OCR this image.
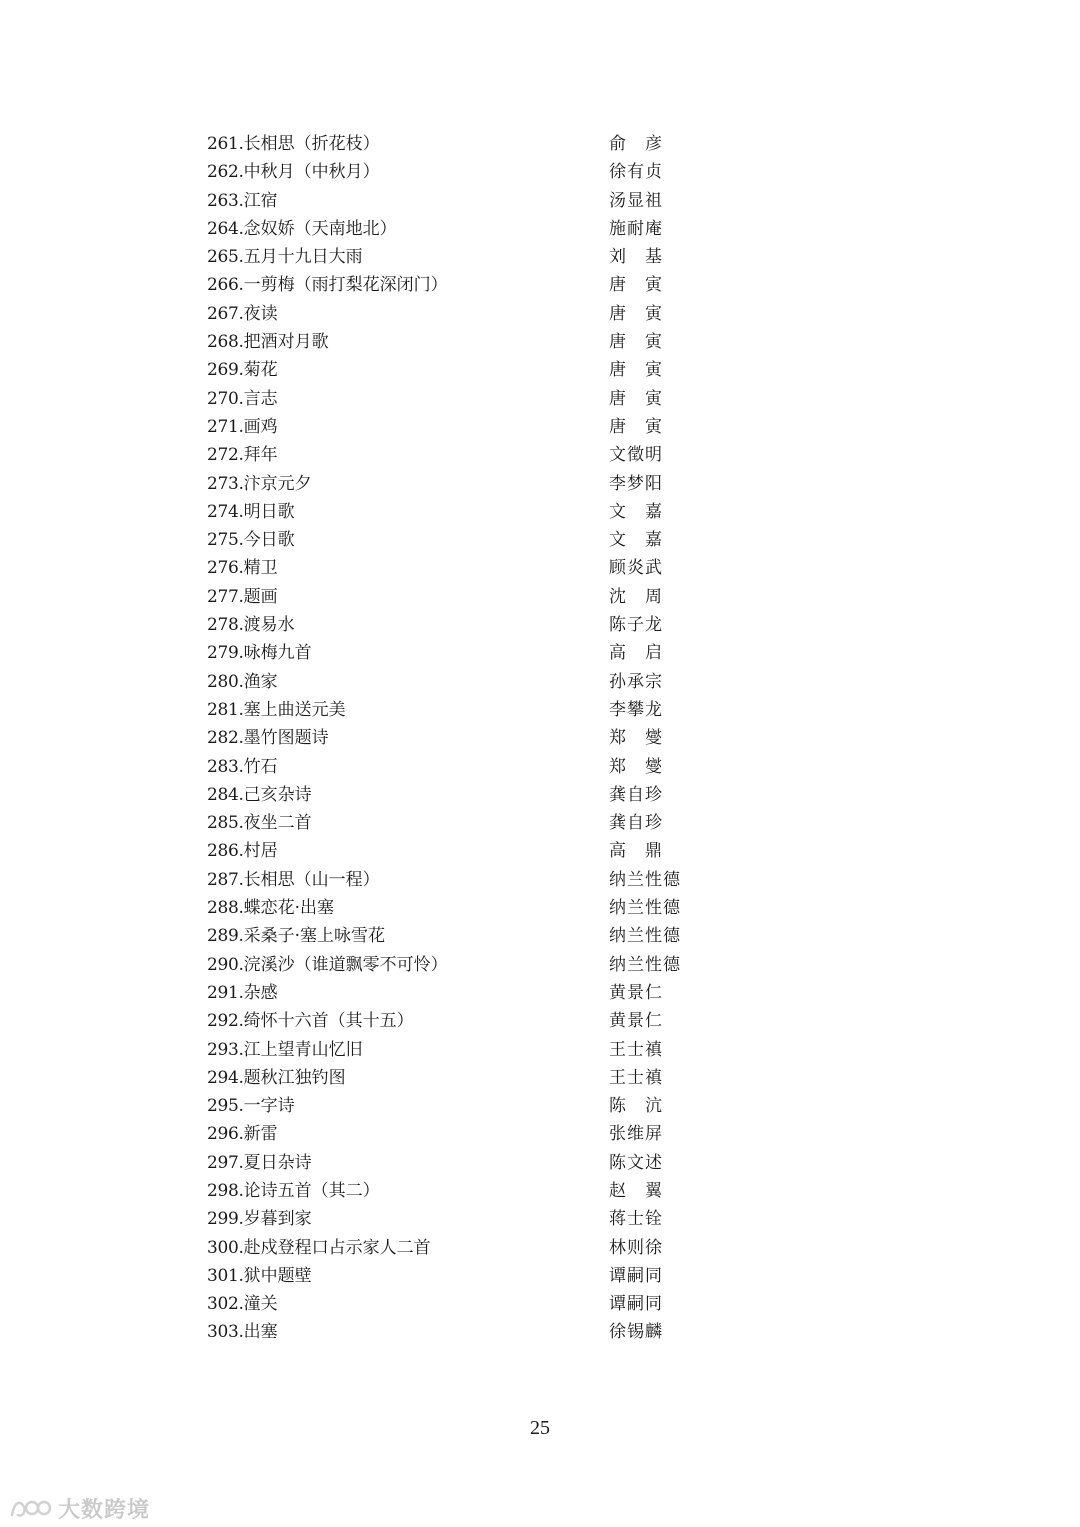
261.长相思（折花枝）	俞　彦
262.中秋月（中秋月）	徐有贞
263.江宿	汤显祖
264.念奴娇（天南地北）	施耐庵
265.五月十九日大雨	刘　基
266.一剪梅（雨打梨花深闭门）	唐　寅
267.夜读	唐　寅
268.把酒对月歌	唐　寅
269.菊花	唐　寅
270.言志	唐　寅
271.画鸡	唐　寅
272.拜年	文徵明
273.汴京元夕	李梦阳
274.明日歌	文　嘉
275.今日歌	文　嘉
276.精卫	顾炎武
277.题画	沈　周
278.渡易水	陈子龙
279.咏梅九首	高　启
280.渔家	孙承宗
281.塞上曲送元美	李攀龙
282.墨竹图题诗	郑　燮
283.竹石	郑　燮
284.己亥杂诗	龚自珍
285.夜坐二首	龚自珍
286.村居	高　鼎
287.长相思（山一程）	纳兰性德
288.蝶恋花·出塞	纳兰性德
289.采桑子·塞上咏雪花	纳兰性德
290.浣溪沙（谁道飘零不可怜）	纳兰性德
291.杂感	黄景仁
292.绮怀十六首（其十五）	黄景仁
293.江上望青山忆旧	王士禛
294.题秋江独钓图	王士禛
295.一字诗	陈　沆
296.新雷	张维屏
297.夏日杂诗	陈文述
298.论诗五首（其二）	赵　翼
299.岁暮到家	蒋士铨
300.赴戍登程口占示家人二首	林则徐
301.狱中题壁	谭嗣同
302.潼关	谭嗣同
303.出塞	徐锡麟
25
大数跨境
